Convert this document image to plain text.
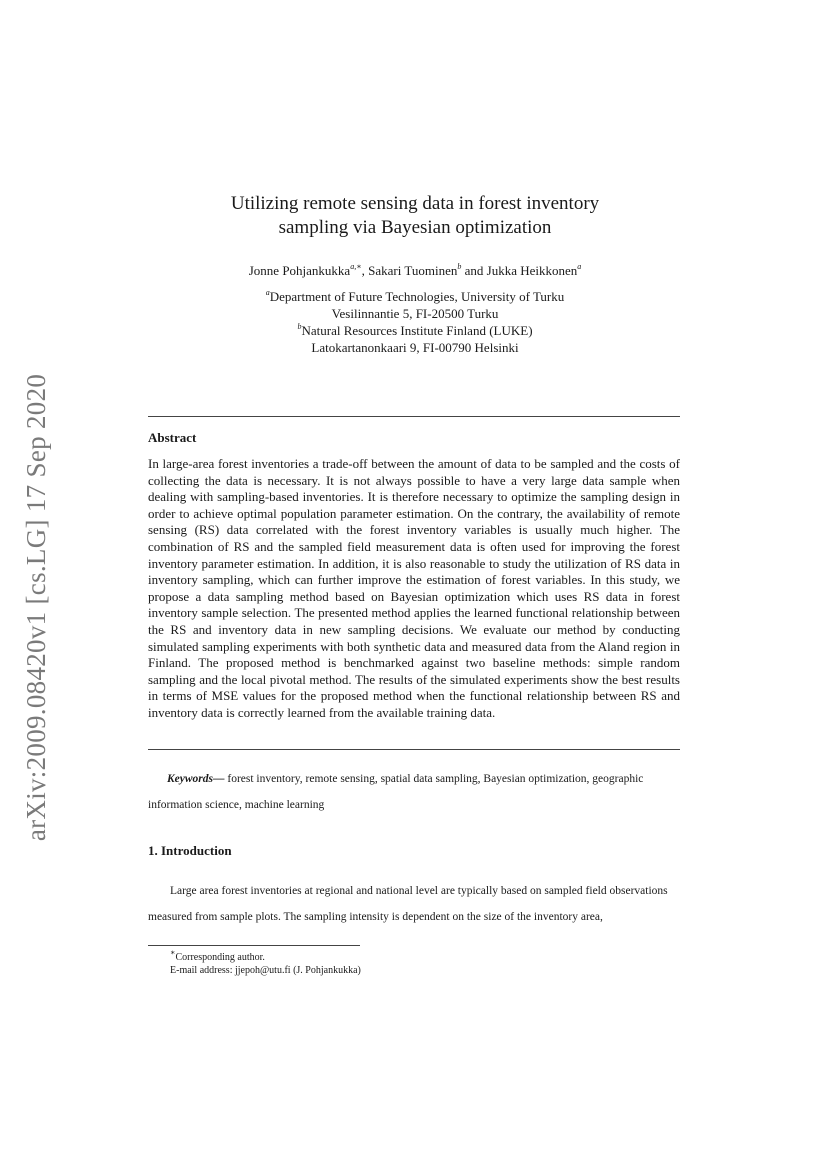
arXiv:2009.08420v1 [cs.LG] 17 Sep 2020
Utilizing remote sensing data in forest inventory
sampling via Bayesian optimization
Jonne Pohjankukka$^{a,∗}$, Sakari Tuominen$^b$ and Jukka Heikkonen$^a$
$^a$Department of Future Technologies, University of Turku
Vesilinnantie 5, FI-20500 Turku
$^b$Natural Resources Institute Finland (LUKE)
Latokartanonkaari 9, FI-00790 Helsinki
Abstract

In large-area forest inventories a trade-off between the amount of data to be sampled and the costs of collecting the data is necessary. It is not always possible to have a very large data sample when dealing with sampling-based inventories. It is therefore necessary to optimize the sampling design in order to achieve optimal population parameter estimation. On the contrary, the availability of remote sensing (RS) data correlated with the forest inventory variables is usually much higher. The combination of RS and the sampled field measurement data is often used for improving the forest inventory parameter estimation. In addition, it is also reasonable to study the utilization of RS data in inventory sampling, which can further improve the estimation of forest variables. In this study, we propose a data sampling method based on Bayesian optimization which uses RS data in forest inventory sample selection. The presented method applies the learned functional relationship between the RS and inventory data in new sampling decisions. We evaluate our method by conducting simulated sampling experiments with both synthetic data and measured data from the Aland region in Finland. The proposed method is benchmarked against two baseline methods: simple random sampling and the local pivotal method. The results of the simulated experiments show the best results in terms of MSE values for the proposed method when the functional relationship between RS and inventory data is correctly learned from the available training data.

Keywords— forest inventory, remote sensing, spatial data sampling, Bayesian optimization, geographic information science, machine learning

1. Introduction

Large area forest inventories at regional and national level are typically based on sampled field observations measured from sample plots. The sampling intensity is dependent on the size of the inventory area,

∗Corresponding author.
E-mail address: jjepoh@utu.fi (J. Pohjankukka)
